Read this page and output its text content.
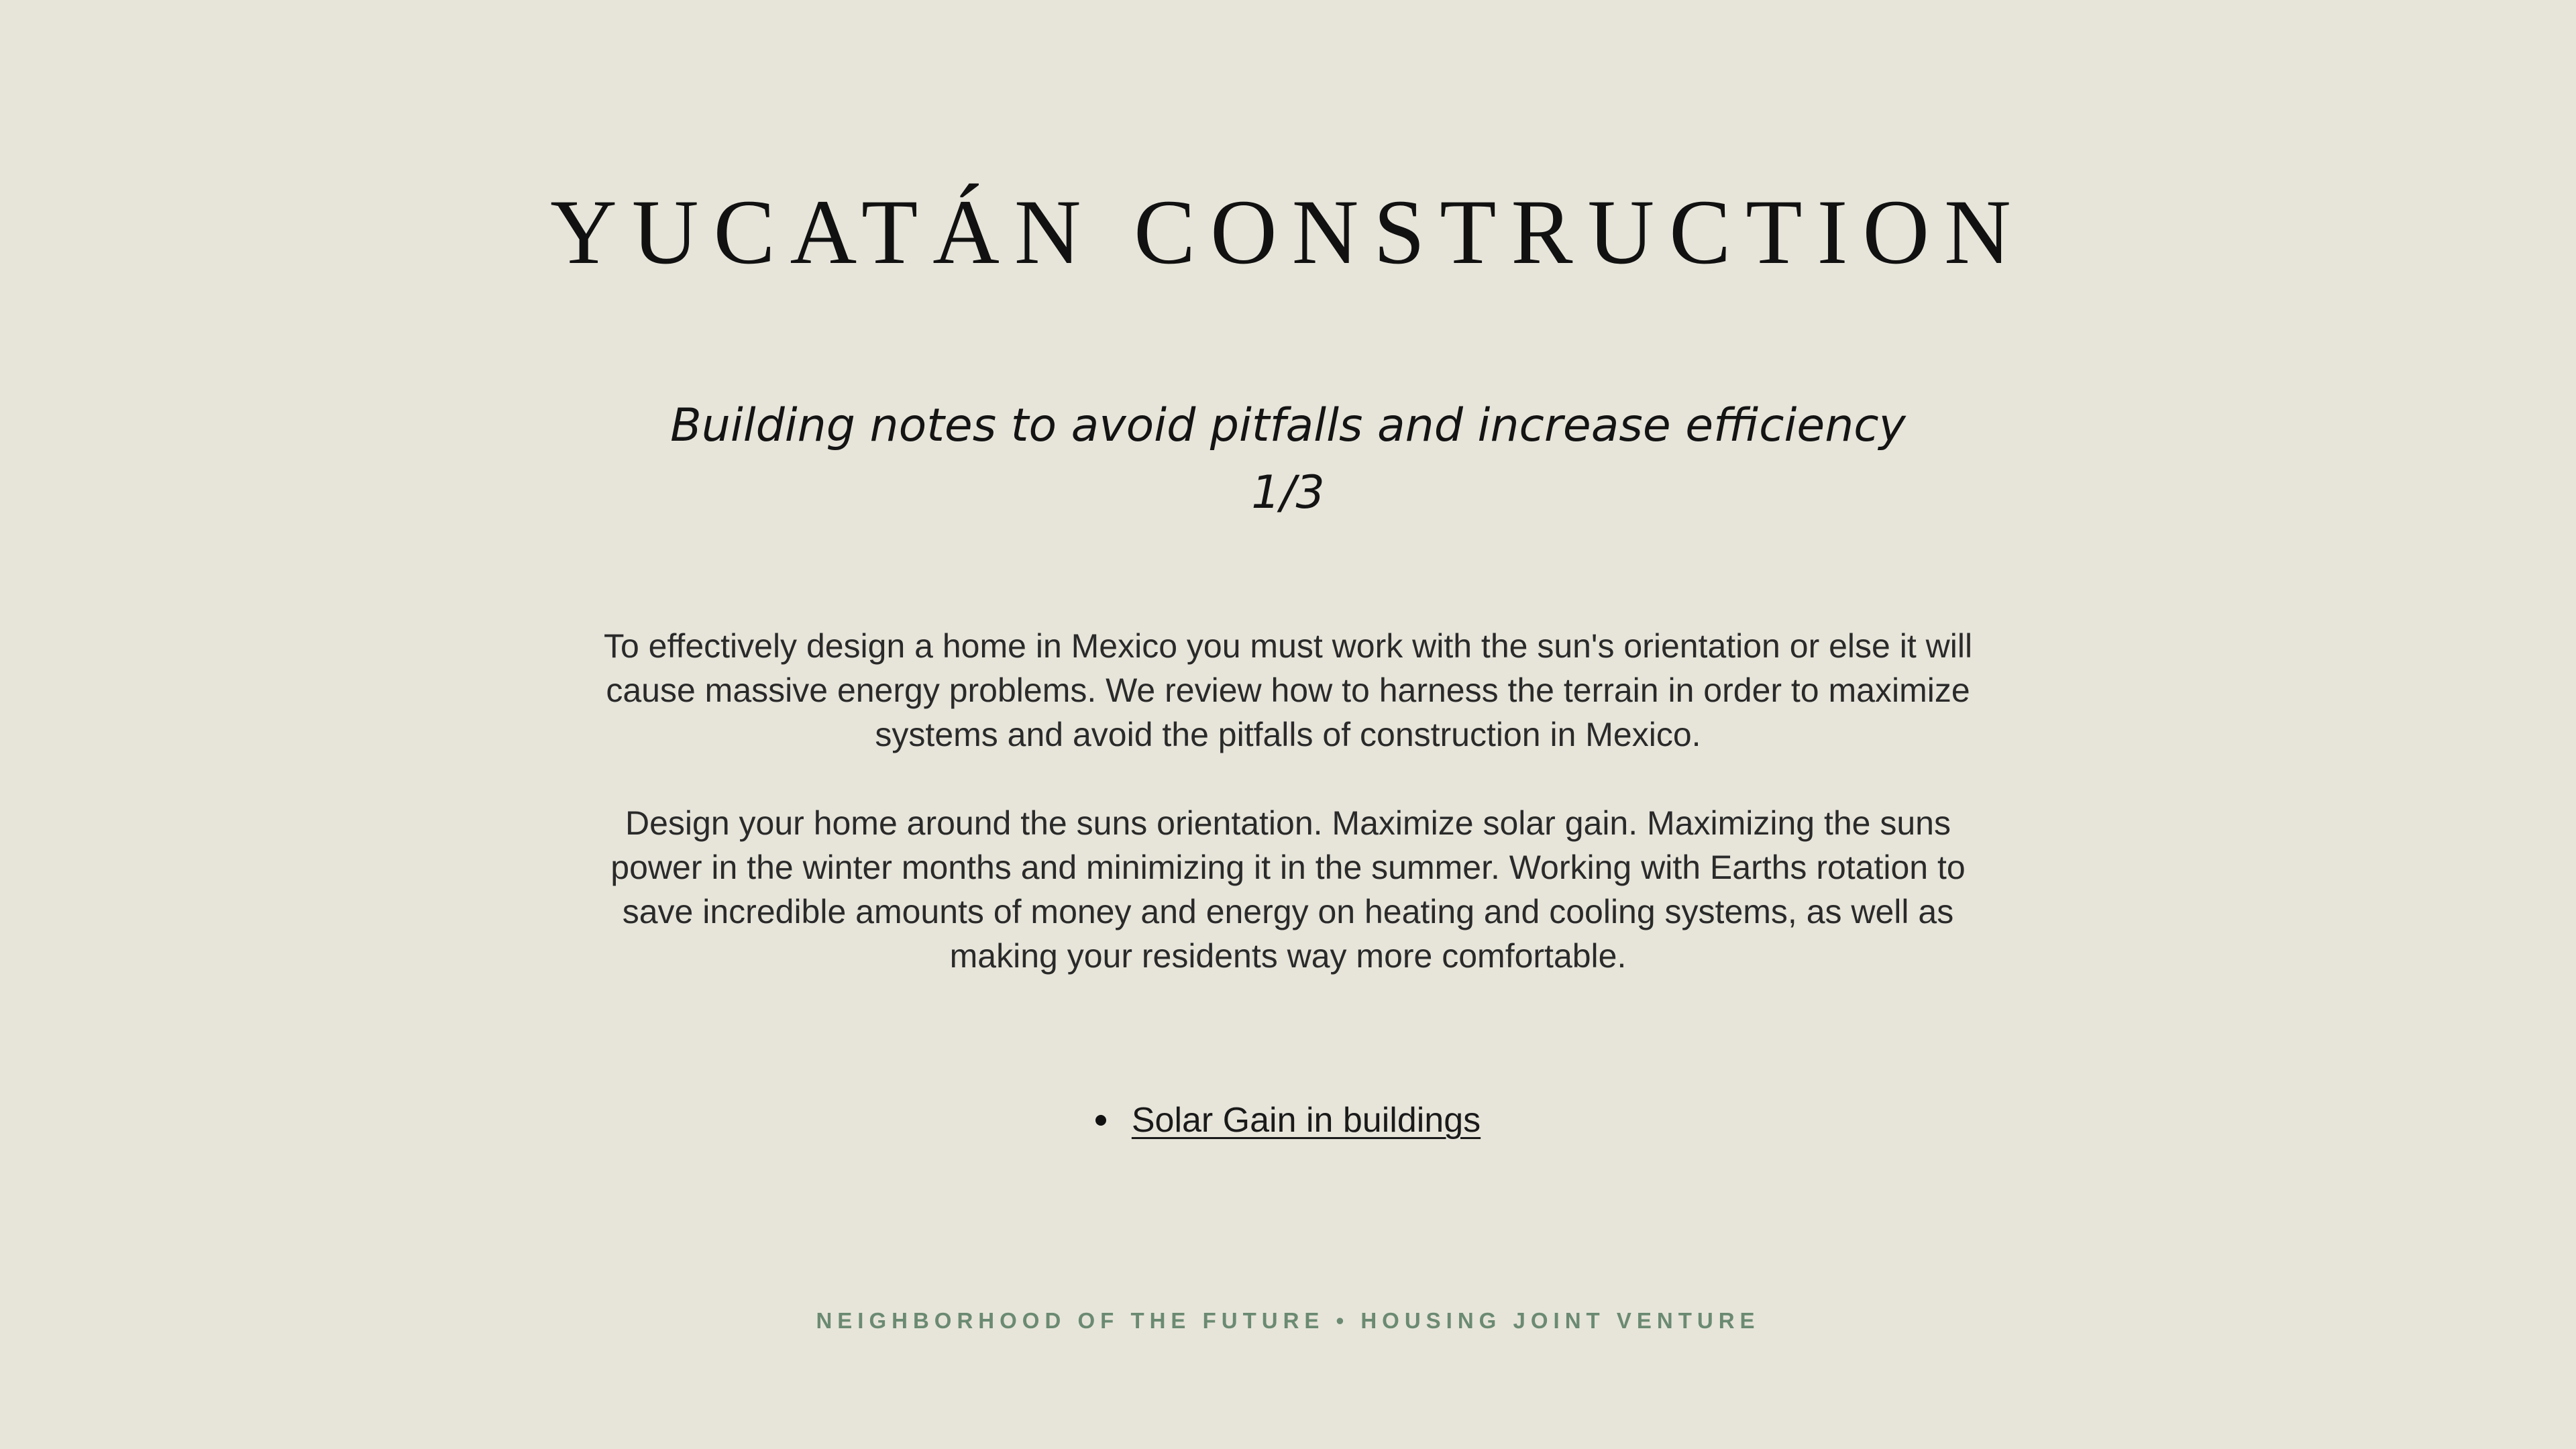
YUCATÁN CONSTRUCTION
Building notes to avoid pitfalls and increase efficiency
1/3

To effectively design a home in Mexico you must work with the sun's orientation or else it will cause massive energy problems. We review how to harness the terrain in order to maximize systems and avoid the pitfalls of construction in Mexico.

Design your home around the suns orientation. Maximize solar gain. Maximizing the suns power in the winter months and minimizing it in the summer. Working with Earths rotation to save incredible amounts of money and energy on heating and cooling systems, as well as making your residents way more comfortable.

Solar Gain in buildings
NEIGHBORHOOD OF THE FUTURE • HOUSING JOINT VENTURE
